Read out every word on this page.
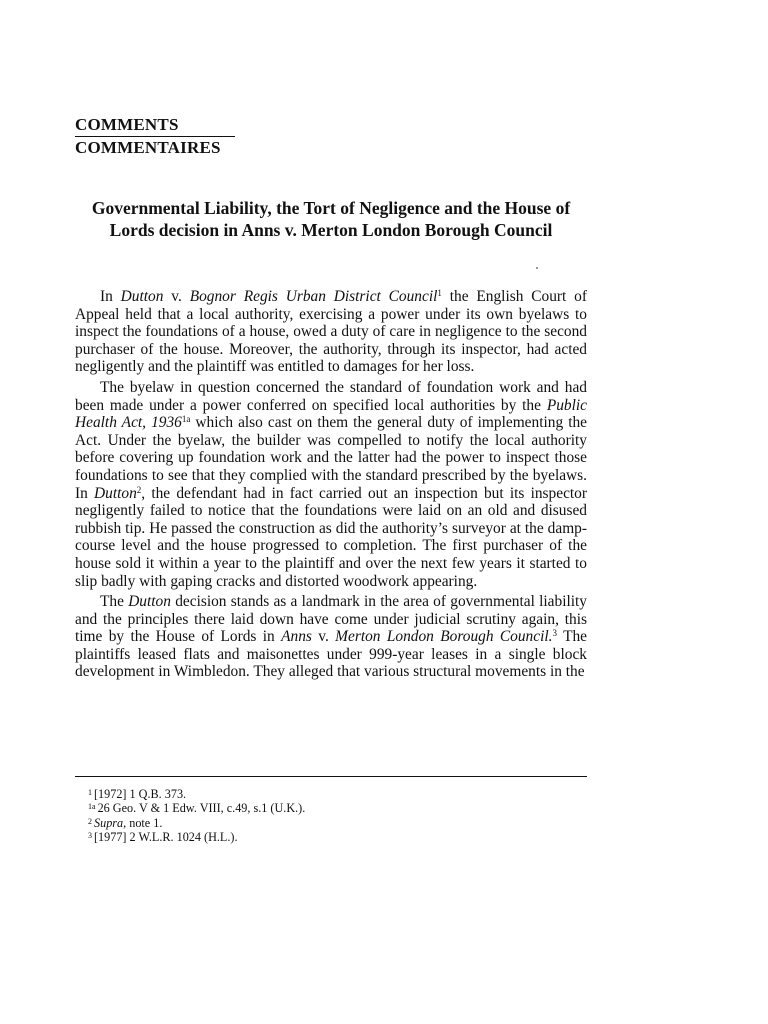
COMMENTS
COMMENTAIRES
Governmental Liability, the Tort of Negligence and the House of Lords decision in Anns v. Merton London Borough Council

In Dutton v. Bognor Regis Urban District Council$^1$ the English Court of Appeal held that a local authority, exercising a power under its own byelaws to inspect the foundations of a house, owed a duty of care in negligence to the second purchaser of the house. Moreover, the authority, through its inspector, had acted negligently and the plaintiff was entitled to damages for her loss.

The byelaw in question concerned the standard of foundation work and had been made under a power conferred on specified local authorities by the Public Health Act, $1936^{1a}$ which also cast on them the general duty of implementing the Act. Under the byelaw, the builder was compelled to notify the local authority before covering up foundation work and the latter had the power to inspect those foundations to see that they complied with the standard prescribed by the byelaws. In Dutton$^2$, the defendant had in fact carried out an inspection but its inspector negligently failed to notice that the foundations were laid on an old and disused rubbish tip. He passed the construction as did the authority’s surveyor at the damp-course level and the house progressed to completion. The first purchaser of the house sold it within a year to the plaintiff and over the next few years it started to slip badly with gaping cracks and distorted woodwork appearing.

The Dutton decision stands as a landmark in the area of governmental liability and the principles there laid down have come under judicial scrutiny again, this time by the House of Lords in Anns v. Merton London Borough Council.$^3$ The plaintiffs leased flats and maisonettes under 999-year leases in a single block development in Wimbledon. They alleged that various structural movements in the

$^1$ [1972] 1 Q.B. 373.
$^{1a}$ 26 Geo. V & 1 Edw. VIII, c.49, s.1 (U.K.).
$^2$ Supra, note 1.
$^3$ [1977] 2 W.L.R. 1024 (H.L.).
